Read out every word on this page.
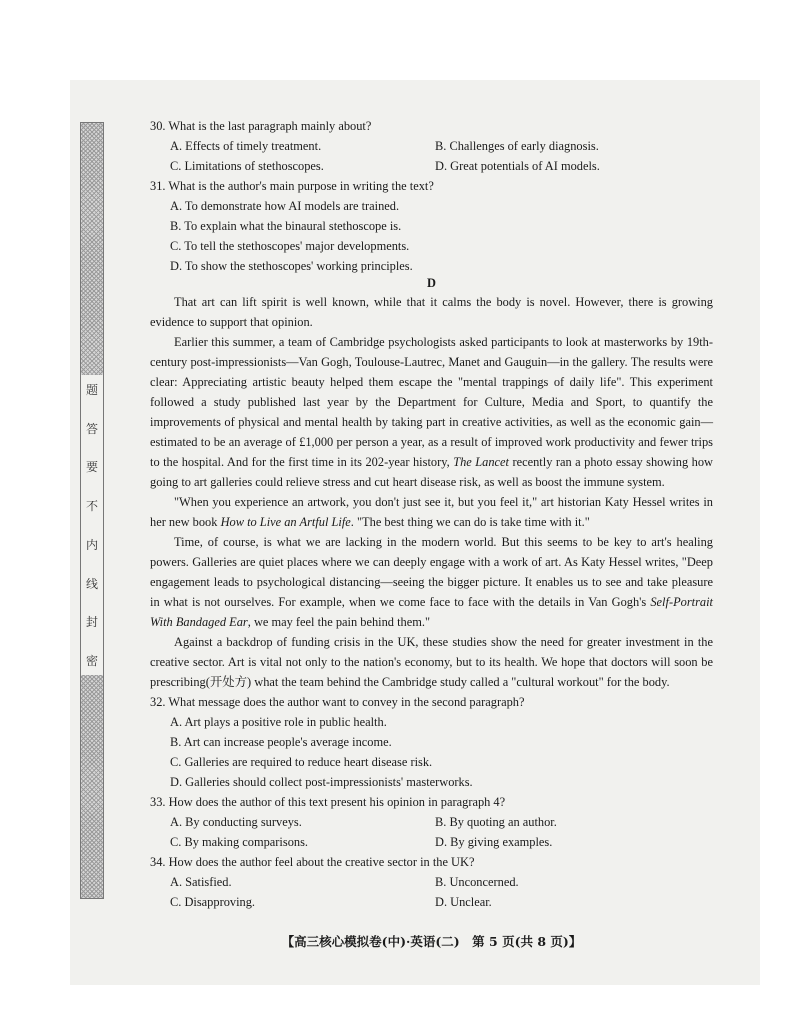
题
答
要
不
内
线
封
密
30. What is the last paragraph mainly about?
A. Effects of timely treatment.	B. Challenges of early diagnosis.
C. Limitations of stethoscopes.	D. Great potentials of AI models.
31. What is the author's main purpose in writing the text?
A. To demonstrate how AI models are trained.
B. To explain what the binaural stethoscope is.
C. To tell the stethoscopes' major developments.
D. To show the stethoscopes' working principles.
D

That art can lift spirit is well known, while that it calms the body is novel. However, there is growing evidence to support that opinion.

Earlier this summer, a team of Cambridge psychologists asked participants to look at masterworks by 19th-century post-impressionists—Van Gogh, Toulouse-Lautrec, Manet and Gauguin—in the gallery. The results were clear: Appreciating artistic beauty helped them escape the "mental trappings of daily life". This experiment followed a study published last year by the Department for Culture, Media and Sport, to quantify the improvements of physical and mental health by taking part in creative activities, as well as the economic gain—estimated to be an average of £1,000 per person a year, as a result of improved work productivity and fewer trips to the hospital. And for the first time in its 202-year history, The Lancet recently ran a photo essay showing how going to art galleries could relieve stress and cut heart disease risk, as well as boost the immune system.

"When you experience an artwork, you don't just see it, but you feel it," art historian Katy Hessel writes in her new book How to Live an Artful Life. "The best thing we can do is take time with it."

Time, of course, is what we are lacking in the modern world. But this seems to be key to art's healing powers. Galleries are quiet places where we can deeply engage with a work of art. As Katy Hessel writes, "Deep engagement leads to psychological distancing—seeing the bigger picture. It enables us to see and take pleasure in what is not ourselves. For example, when we come face to face with the details in Van Gogh's Self-Portrait With Bandaged Ear, we may feel the pain behind them."

Against a backdrop of funding crisis in the UK, these studies show the need for greater investment in the creative sector. Art is vital not only to the nation's economy, but to its health. We hope that doctors will soon be prescribing(开处方) what the team behind the Cambridge study called a "cultural workout" for the body.

32. What message does the author want to convey in the second paragraph?
A. Art plays a positive role in public health.
B. Art can increase people's average income.
C. Galleries are required to reduce heart disease risk.
D. Galleries should collect post-impressionists' masterworks.
33. How does the author of this text present his opinion in paragraph 4?
A. By conducting surveys.	B. By quoting an author.
C. By making comparisons.	D. By giving examples.
34. How does the author feel about the creative sector in the UK?
A. Satisfied.	B. Unconcerned.
C. Disapproving.	D. Unclear.
【高三核心模拟卷(中)·英语(二)　第 5 页(共 8 页)】
